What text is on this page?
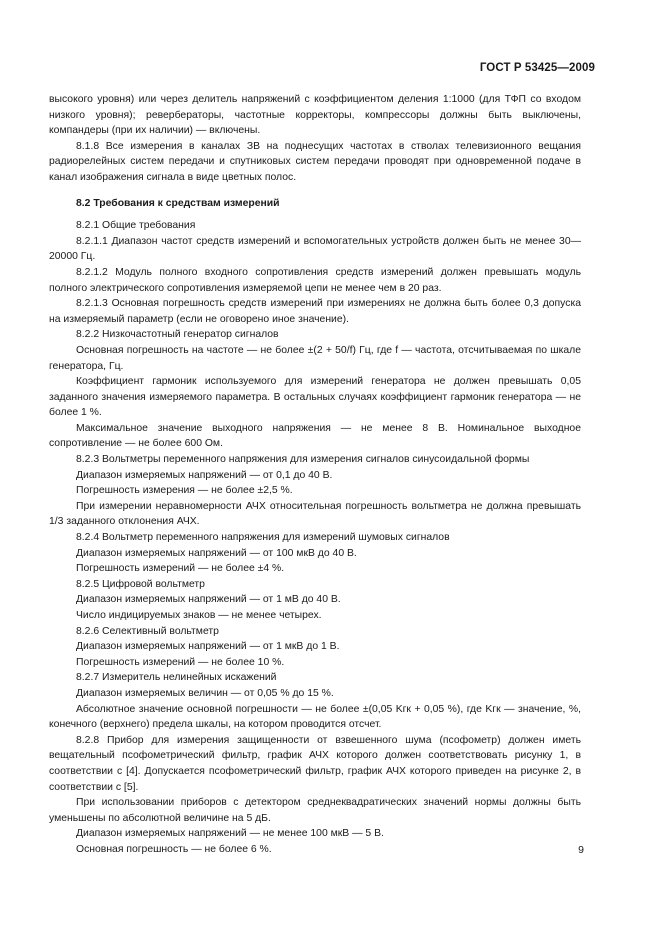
ГОСТ Р 53425—2009

высокого уровня) или через делитель напряжений с коэффициентом деления 1:1000 (для ТФП со входом низкого уровня); ревербераторы, частотные корректоры, компрессоры должны быть выключены, компандеры (при их наличии) — включены.

8.1.8 Все измерения в каналах ЗВ на поднесущих частотах в стволах телевизионного вещания радиорелейных систем передачи и спутниковых систем передачи проводят при одновременной подаче в канал изображения сигнала в виде цветных полос.

8.2 Требования к средствам измерений

8.2.1 Общие требования

8.2.1.1 Диапазон частот средств измерений и вспомогательных устройств должен быть не менее 30—20000 Гц.

8.2.1.2 Модуль полного входного сопротивления средств измерений должен превышать модуль полного электрического сопротивления измеряемой цепи не менее чем в 20 раз.

8.2.1.3 Основная погрешность средств измерений при измерениях не должна быть более 0,3 допуска на измеряемый параметр (если не оговорено иное значение).

8.2.2 Низкочастотный генератор сигналов

Основная погрешность на частоте — не более ±(2 + 50/f) Гц, где f — частота, отсчитываемая по шкале генератора, Гц.

Коэффициент гармоник используемого для измерений генератора не должен превышать 0,05 заданного значения измеряемого параметра. В остальных случаях коэффициент гармоник генератора — не более 1 %.

Максимальное значение выходного напряжения — не менее 8 В. Номинальное выходное сопротивление — не более 600 Ом.

8.2.3 Вольтметры переменного напряжения для измерения сигналов синусоидальной формы

Диапазон измеряемых напряжений — от 0,1 до 40 В.

Погрешность измерения — не более ±2,5 %.

При измерении неравномерности АЧХ относительная погрешность вольтметра не должна превышать 1/3 заданного отклонения АЧХ.

8.2.4 Вольтметр переменного напряжения для измерений шумовых сигналов

Диапазон измеряемых напряжений — от 100 мкВ до 40 В.

Погрешность измерений — не более ±4 %.

8.2.5 Цифровой вольтметр

Диапазон измеряемых напряжений — от 1 мВ до 40 В.

Число индицируемых знаков — не менее четырех.

8.2.6 Селективный вольтметр

Диапазон измеряемых напряжений — от 1 мкВ до 1 В.

Погрешность измерений — не более 10 %.

8.2.7 Измеритель нелинейных искажений

Диапазон измеряемых величин — от 0,05 % до 15 %.

Абсолютное значение основной погрешности — не более ±(0,05 Kгк + 0,05 %), где Kгк — значение, %, конечного (верхнего) предела шкалы, на котором проводится отсчет.

8.2.8 Прибор для измерения защищенности от взвешенного шума (псофометр) должен иметь вещательный псофометрический фильтр, график АЧХ которого должен соответствовать рисунку 1, в соответствии с [4]. Допускается псофометрический фильтр, график АЧХ которого приведен на рисунке 2, в соответствии с [5].

При использовании приборов с детектором среднеквадратических значений нормы должны быть уменьшены по абсолютной величине на 5 дБ.

Диапазон измеряемых напряжений — не менее 100 мкВ — 5 В.

Основная погрешность — не более 6 %.	9
